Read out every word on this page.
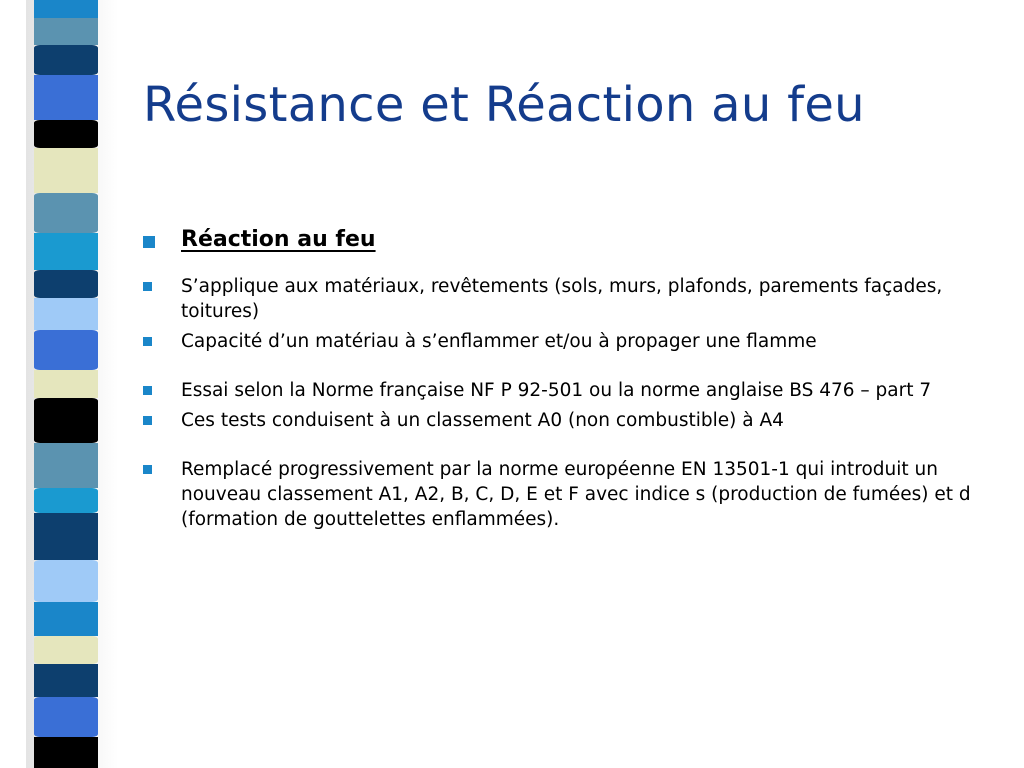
Résistance et Réaction au feu
Réaction au feu
S’applique aux matériaux, revêtements (sols, murs, plafonds, parements façades, toitures)
Capacité d’un matériau à s’enflammer et/ou à propager une flamme
Essai selon la Norme française NF P 92-501 ou la norme anglaise BS 476 – part 7
Ces tests conduisent à un classement A0 (non combustible) à A4
Remplacé progressivement par la norme européenne EN 13501-1 qui introduit un nouveau classement A1, A2, B, C, D, E et F avec indice s (production de fumées) et d (formation de gouttelettes enflammées).
